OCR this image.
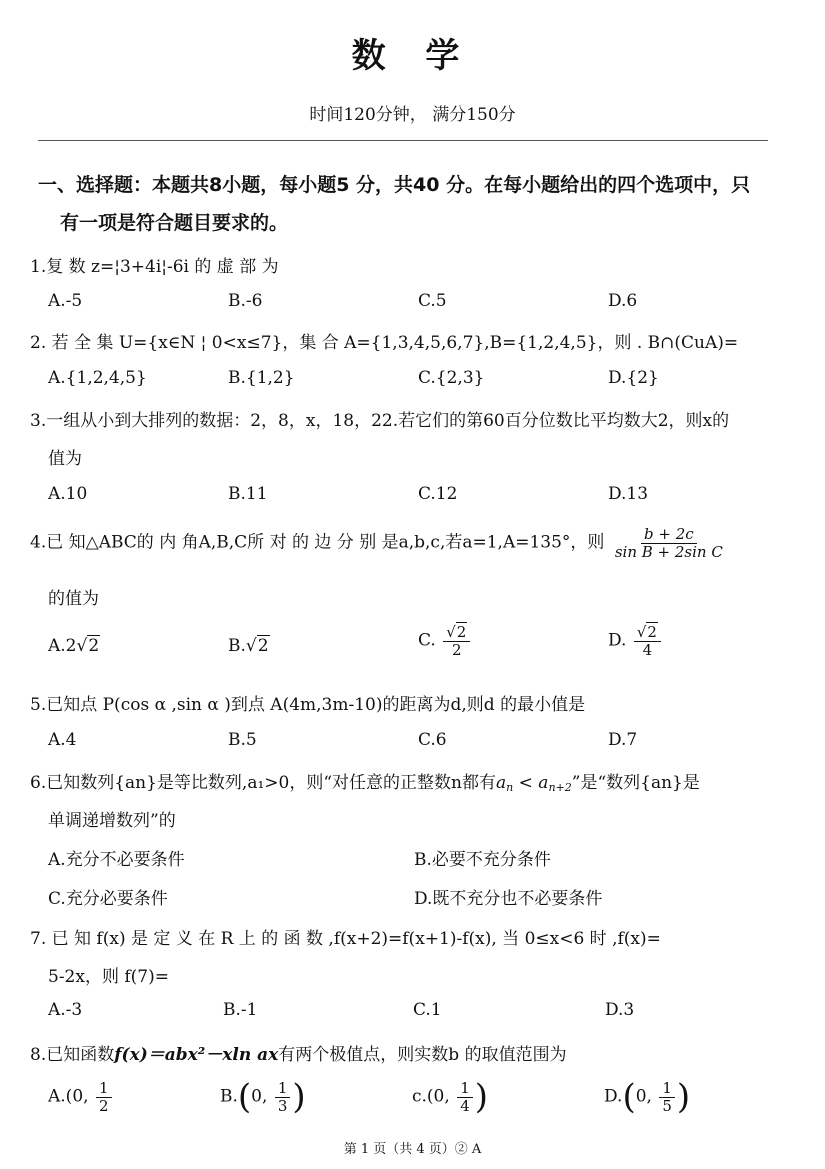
数 学
时间120分钟， 满分150分
一、选择题：本题共8小题，每小题5 分，共40 分。在每小题给出的四个选项中，只
有一项是符合题目要求的。
1.复 数 z=¦3+4i¦-6i 的 虚 部 为
A.-5	B.-6	C.5	D.6
2. 若 全 集 U={x∈N ¦ 0<x≤7}，集 合 A={1,3,4,5,6,7},B={1,2,4,5}，则 . B∩(CuA)=
A.{1,2,4,5}	B.{1,2}	C.{2,3}	D.{2}
3.一组从小到大排列的数据：2，8，x，18，22.若它们的第60百分位数比平均数大2，则x的
值为
A.10	B.11	C.12	D.13
4.已 知△ABC的 内 角A,B,C所 对 的 边 分 别 是a,b,c,若a=1,A=135°，则 $\frac{b + 2c}{\text{sin B + 2sin C}}$
的值为
A.2√2	B.√2	C. $\frac{√2}{2}$	D. $\frac{√2}{4}$
5.已知点 P(cos α ,sin α )到点 A(4m,3m-10)的距离为d,则d 的最小值是
A.4	B.5	C.6	D.7
6.已知数列{an}是等比数列,a₁>0，则“对任意的正整数n都有$a_n < a_{n+2}$”是“数列{an}是
单调递增数列”的
A.充分不必要条件	B.必要不充分条件
C.充分必要条件	D.既不充分也不必要条件
7. 已 知 f(x) 是 定 义 在 R 上 的 函 数 ,f(x+2)=f(x+1)-f(x), 当 0≤x<6 时 ,f(x)=
5-2x，则 f(7)=
A.-3	B.-1	C.1	D.3
8.已知函数f(x)＝abx²－xln ax有两个极值点，则实数b 的取值范围为
A.(0, $\frac{1}{2}$	B.(0, $\frac{1}{3}$ )	c.(0, $\frac{1}{4}$ )	D.(0, $\frac{1}{5}$ )
第 1 页（共 4 页）② A
